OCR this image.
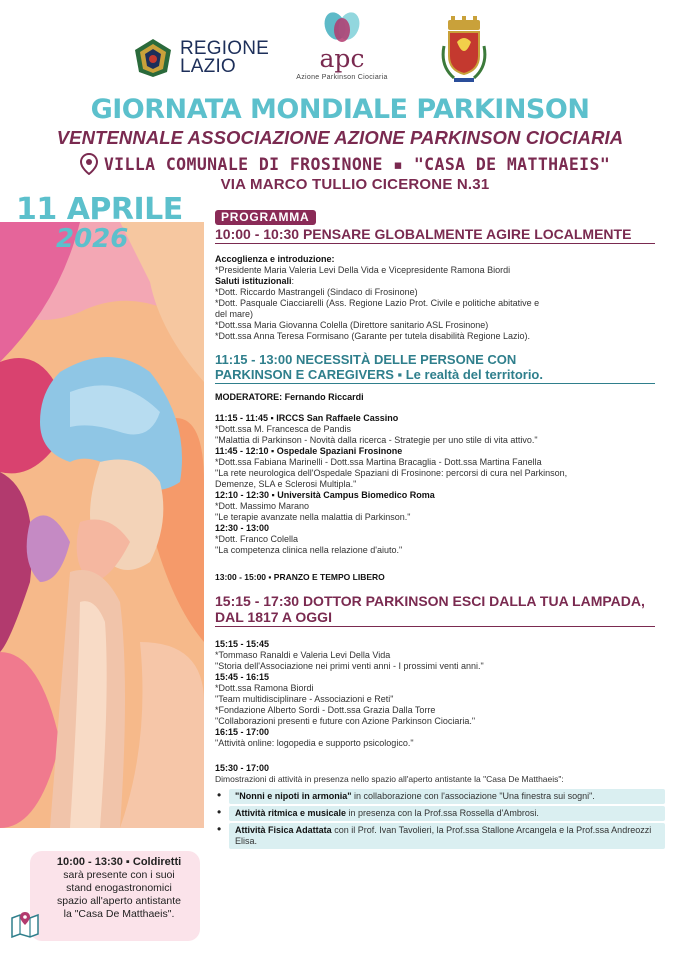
REGIONE
LAZIO	apc
Azione Parkinson Ciociaria
GIORNATA MONDIALE PARKINSON
VENTENNALE ASSOCIAZIONE AZIONE PARKINSON CIOCIARIA
VILLA COMUNALE DI FROSINONE ▪ "CASA DE MATTHAEIS"
VIA MARCO TULLIO CICERONE N.31
11 APRILE
2026
PROGRAMMA
10:00 - 10:30 PENSARE GLOBALMENTE AGIRE LOCALMENTE
Accoglienza e introduzione:
*Presidente Maria Valeria Levi Della Vida e Vicepresidente Ramona Biordi
Saluti istituzionali:
*Dott. Riccardo Mastrangeli (Sindaco di Frosinone)
*Dott. Pasquale Ciacciarelli (Ass. Regione Lazio Prot. Civile e politiche abitative e
del mare)
*Dott.ssa Maria Giovanna Colella (Direttore sanitario ASL Frosinone)
*Dott.ssa Anna Teresa Formisano (Garante per tutela disabilità Regione Lazio).
11:15 - 13:00 NECESSITÀ DELLE PERSONE CON
PARKINSON E CAREGIVERS ▪ Le realtà del territorio.
MODERATORE: Fernando Riccardi
11:15 - 11:45 ▪ IRCCS San Raffaele Cassino
*Dott.ssa M. Francesca de Pandis
"Malattia di Parkinson - Novità dalla ricerca - Strategie per uno stile di vita attivo."
11:45 - 12:10 ▪ Ospedale Spaziani Frosinone
*Dott.ssa Fabiana Marinelli - Dott.ssa Martina Bracaglia - Dott.ssa Martina Fanella
"La rete neurologica dell'Ospedale Spaziani di Frosinone: percorsi di cura nel Parkinson,
Demenze, SLA e Sclerosi Multipla."
12:10 - 12:30 ▪ Università Campus Biomedico Roma
*Dott. Massimo Marano
"Le terapie avanzate nella malattia di Parkinson."
12:30 - 13:00
*Dott. Franco Colella
"La competenza clinica nella relazione d'aiuto."
13:00 - 15:00 ▪ PRANZO E TEMPO LIBERO
15:15 - 17:30 DOTTOR PARKINSON ESCI DALLA TUA LAMPADA,
DAL 1817 A OGGI
15:15 - 15:45
*Tommaso Ranaldi e Valeria Levi Della Vida
"Storia dell'Associazione nei primi venti anni - I prossimi venti anni."
15:45 - 16:15
*Dott.ssa Ramona Biordi
"Team multidisciplinare - Associazioni e Reti"
*Fondazione Alberto Sordi - Dott.ssa Grazia Dalla Torre
"Collaborazioni presenti e future con Azione Parkinson Ciociaria."
16:15 - 17:00
"Attività online: logopedia e supporto psicologico."
15:30 - 17:00
Dimostrazioni di attività in presenza nello spazio all'aperto antistante la "Casa De Matthaeis":
• "Nonni e nipoti in armonia" in collaborazione con l'associazione "Una finestra sui sogni".
• Attività ritmica e musicale in presenza con la Prof.ssa Rossella d'Ambrosi.
• Attività Fisica Adattata con il Prof. Ivan Tavolieri, la Prof.ssa Stallone Arcangela e la Prof.ssa Andreozzi Elisa.
10:00 - 13:30 ▪ Coldiretti
sarà presente con i suoi
stand enogastronomici
spazio all'aperto antistante
la "Casa De Matthaeis".
